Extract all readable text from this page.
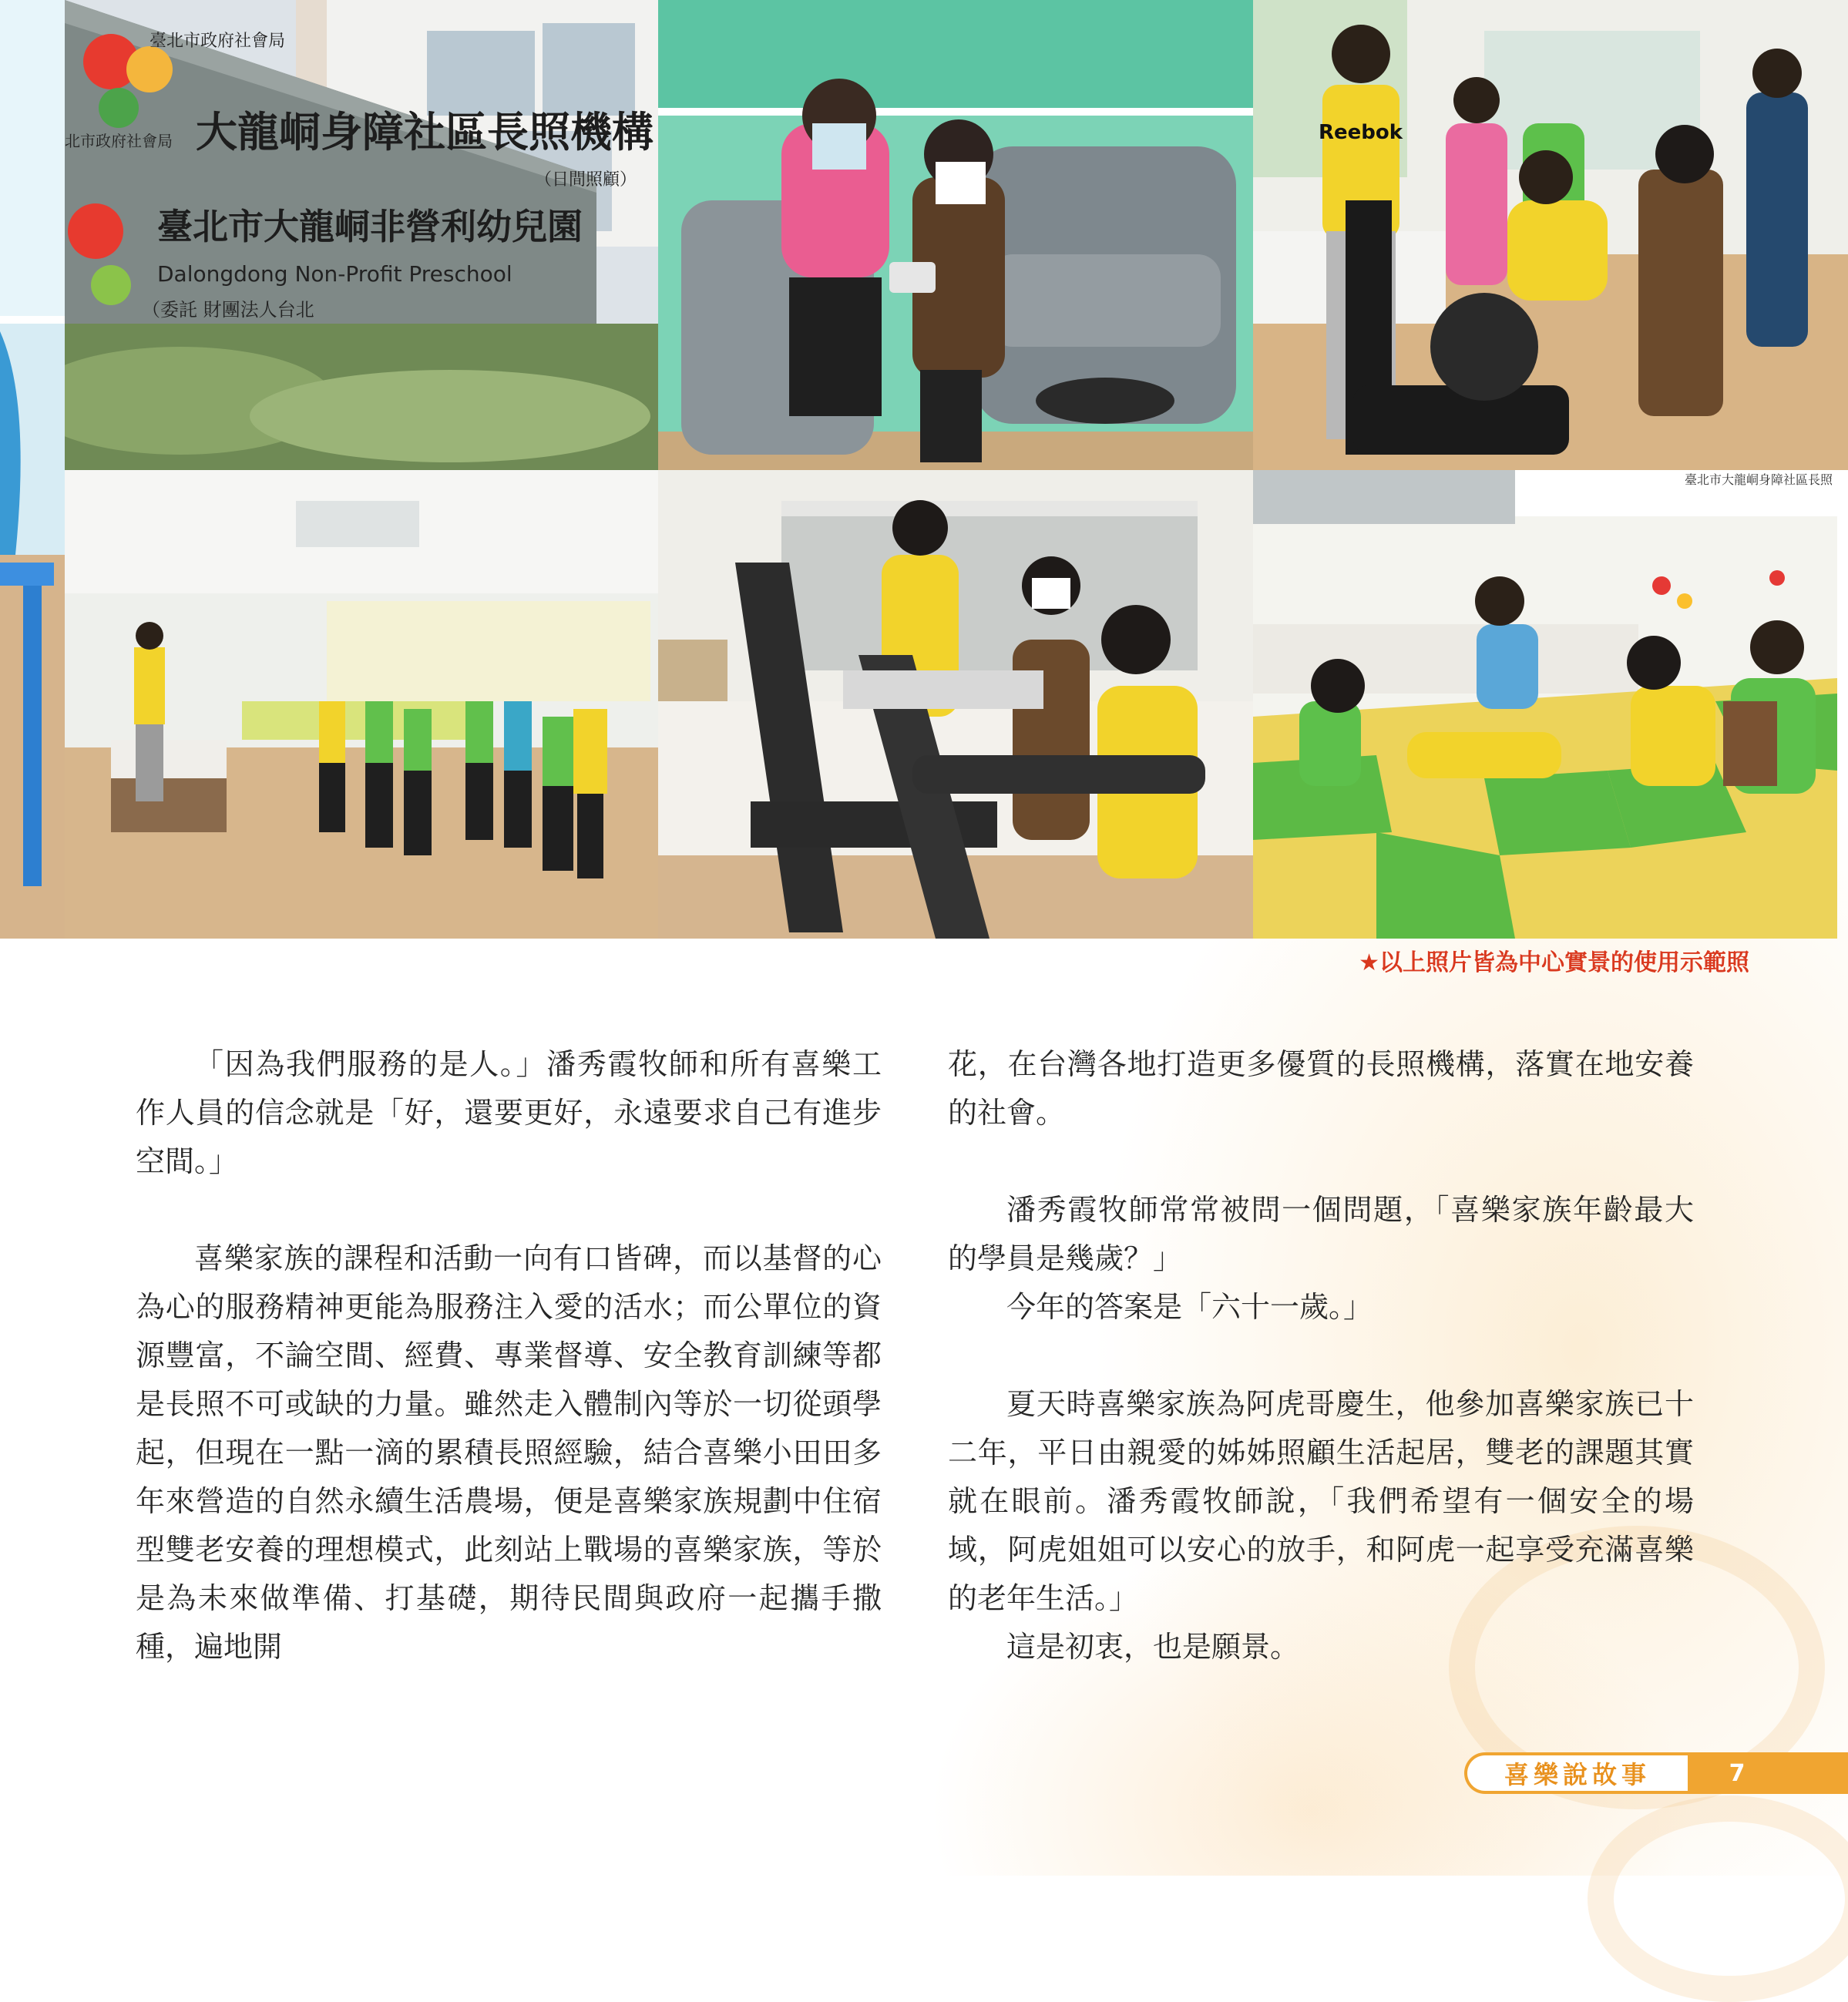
臺北市政府社會局
大龍峒身障社區長照機構
（日間照顧）
臺北市大龍峒非營利幼兒園
Dalongdong Non-Profit Preschool
（委託 財團法人台北
北市政府社會局	Reebok
臺北市大龍峒身障社區長照
★以上照片皆為中心實景的使用示範照

「因為我們服務的是人。」潘秀霞牧師和所有喜樂工作人員的信念就是「好，還要更好，永遠要求自己有進步空間。」

喜樂家族的課程和活動一向有口皆碑，而以基督的心為心的服務精神更能為服務注入愛的活水；而公單位的資源豐富，不論空間、經費、專業督導、安全教育訓練等都是長照不可或缺的力量。雖然走入體制內等於一切從頭學起，但現在一點一滴的累積長照經驗，結合喜樂小田田多年來營造的自然永續生活農場，便是喜樂家族規劃中住宿型雙老安養的理想模式，此刻站上戰場的喜樂家族，等於是為未來做準備、打基礎，期待民間與政府一起攜手撒種，遍地開

花，在台灣各地打造更多優質的長照機構，落實在地安養的社會。

潘秀霞牧師常常被問一個問題，「喜樂家族年齡最大的學員是幾歲？」

今年的答案是「六十一歲。」

夏天時喜樂家族為阿虎哥慶生，他參加喜樂家族已十二年，平日由親愛的姊姊照顧生活起居，雙老的課題其實就在眼前。潘秀霞牧師說，「我們希望有一個安全的場域，阿虎姐姐可以安心的放手，和阿虎一起享受充滿喜樂的老年生活。」

這是初衷，也是願景。

喜樂說故事	7
